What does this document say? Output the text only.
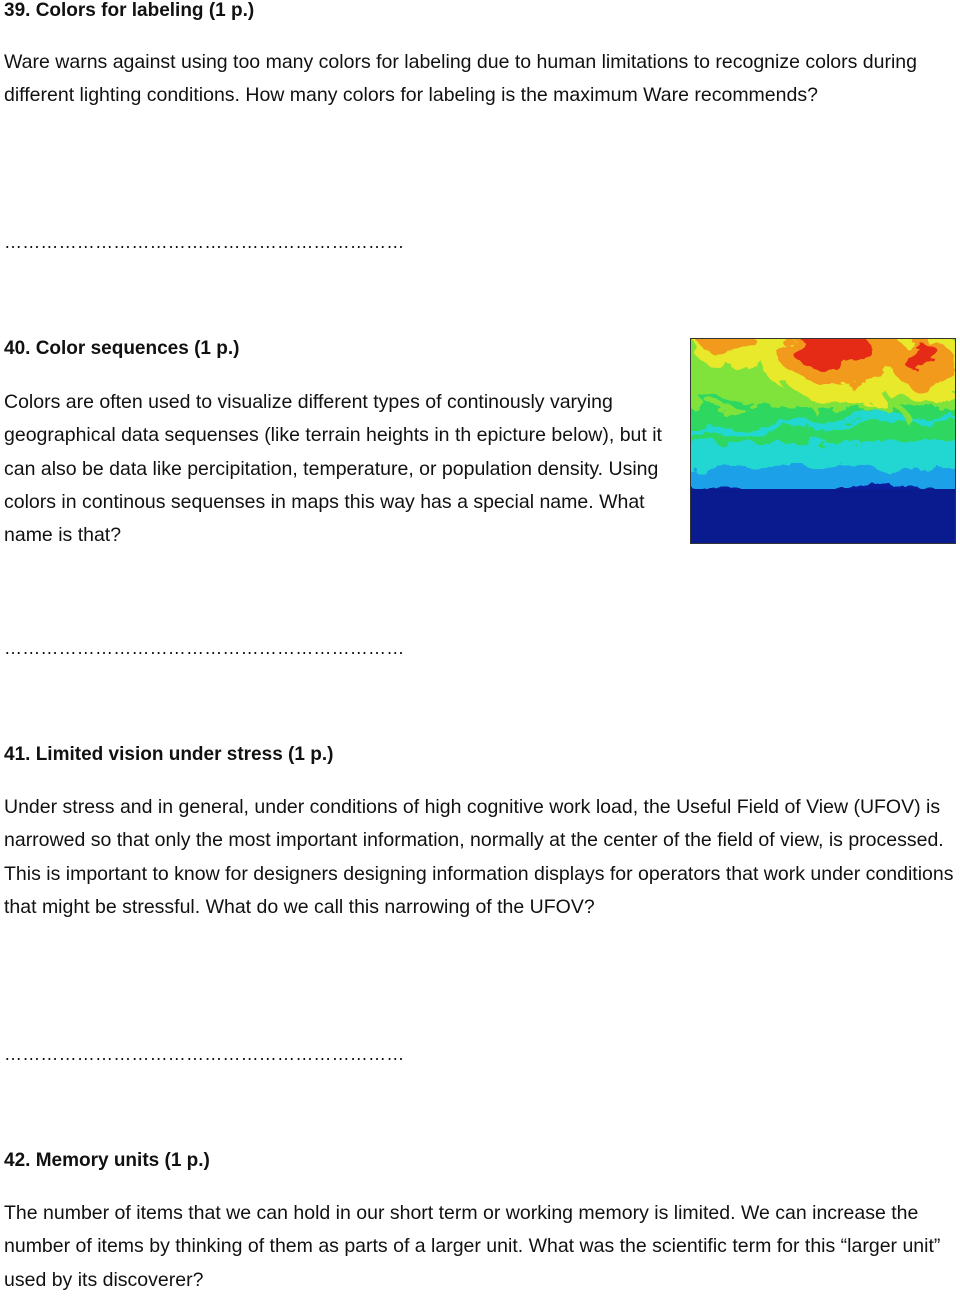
39. Colors for labeling (1 p.)

Ware warns against using too many colors for labeling due to human limitations to recognize colors during different lighting conditions. How many colors for labeling is the maximum Ware recommends?

…………………………………………………………
40. Color sequences (1 p.)

Colors are often used to visualize different types of continously varying geographical data sequenses (like terrain heights in th epicture below), but it can also be data like percipitation, temperature, or population density. Using colors in continous sequenses in maps this way has a special name. What name is that?

…………………………………………………………
41. Limited vision under stress (1 p.)

Under stress and in general, under conditions of high cognitive work load, the Useful Field of View (UFOV) is narrowed so that only the most important information, normally at the center of the field of view, is processed. This is important to know for designers designing information displays for operators that work under conditions that might be stressful. What do we call this narrowing of the UFOV?

…………………………………………………………
42. Memory units (1 p.)

The number of items that we can hold in our short term or working memory is limited. We can increase the number of items by thinking of them as parts of a larger unit. What was the scientific term for this “larger unit” used by its discoverer?
